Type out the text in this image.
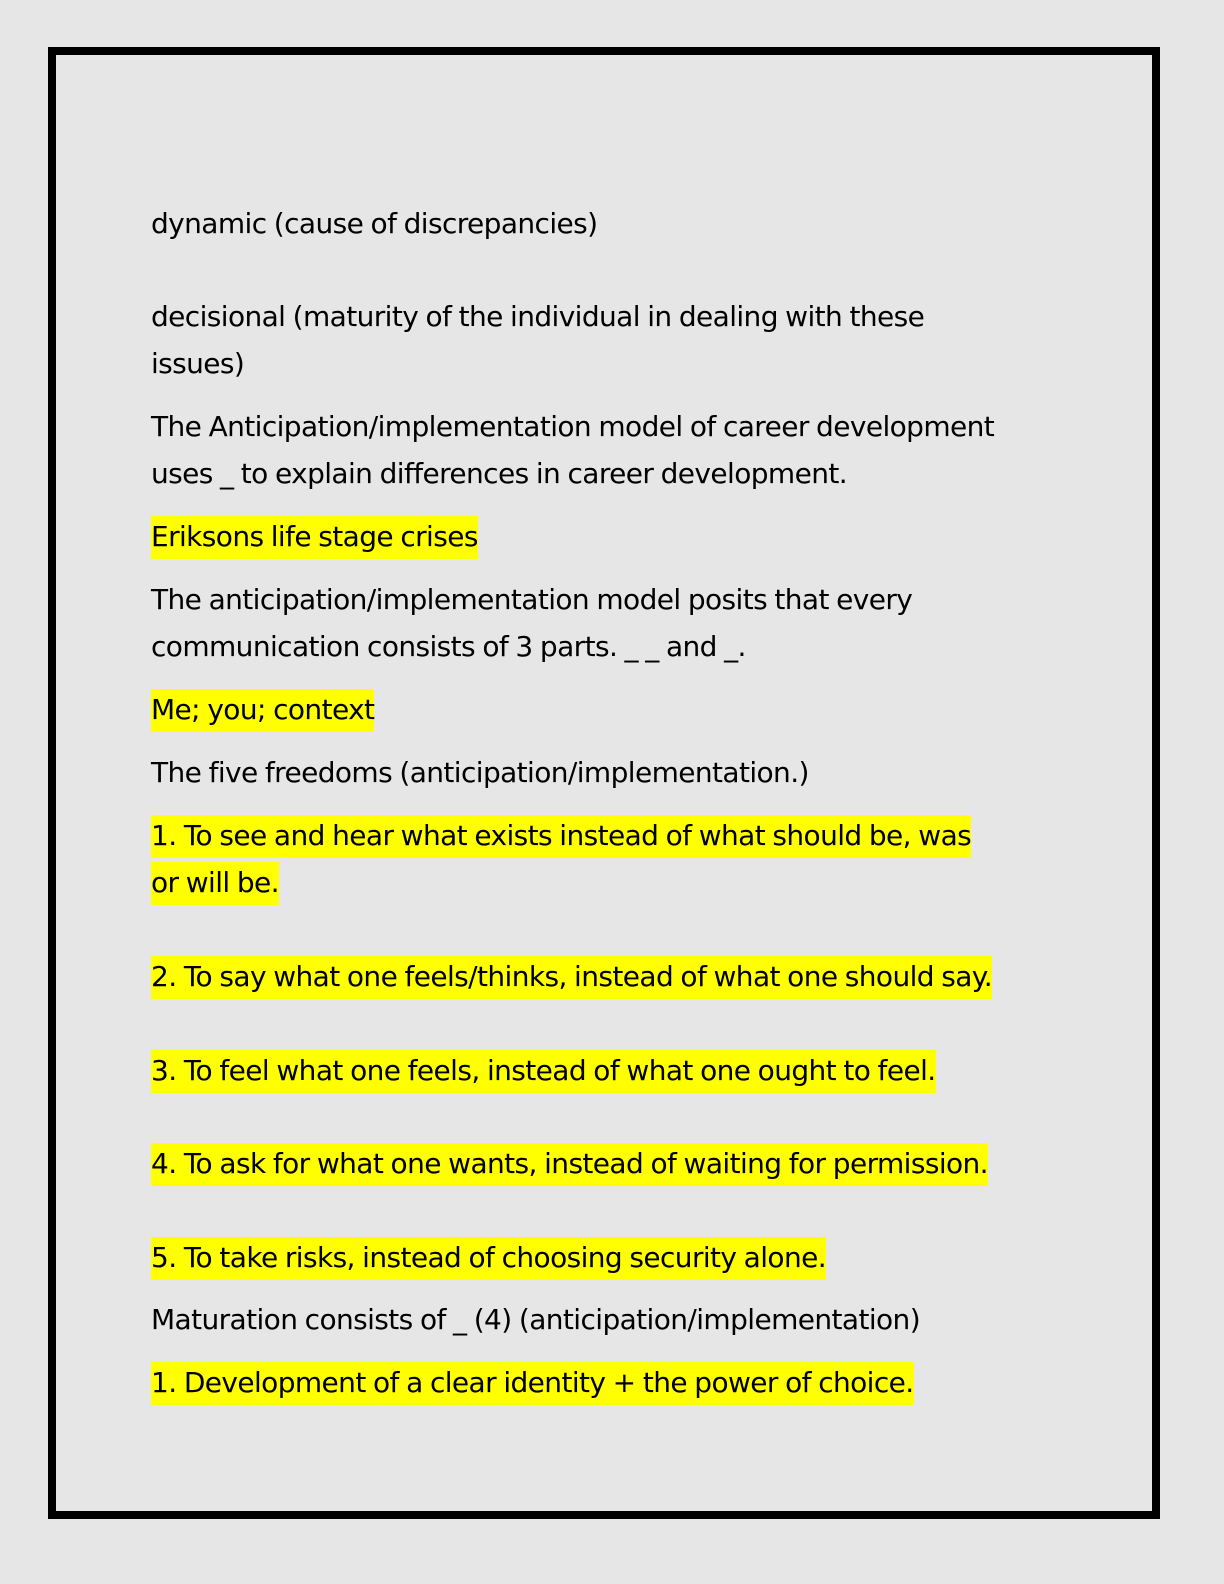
dynamic (cause of discrepancies)
decisional (maturity of the individual in dealing with these
issues)
The Anticipation/implementation model of career development
uses _ to explain differences in career development.
Eriksons life stage crises
The anticipation/implementation model posits that every
communication consists of 3 parts. _ _ and _.
Me; you; context
The five freedoms (anticipation/implementation.)
1. To see and hear what exists instead of what should be, was
or will be.
2. To say what one feels/thinks, instead of what one should say.
3. To feel what one feels, instead of what one ought to feel.
4. To ask for what one wants, instead of waiting for permission.
5. To take risks, instead of choosing security alone.
Maturation consists of _ (4) (anticipation/implementation)
1. Development of a clear identity + the power of choice.
